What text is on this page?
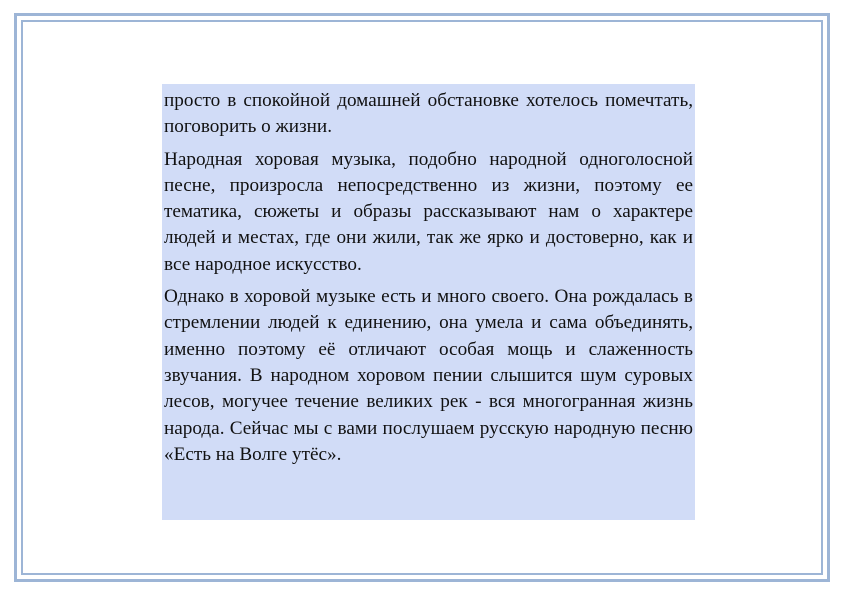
просто в спокойной домашней обстановке хотелось помечтать, поговорить о жизни.

Народная хоровая музыка, подобно народной одноголосной песне, произросла непосредственно из жизни, поэтому ее тематика, сюжеты и образы рассказывают нам о характере людей и местах, где они жили, так же ярко и достоверно, как и все народное искусство.

Однако в хоровой музыке есть и много своего. Она рождалась в стремлении людей к единению, она умела и сама объединять, именно поэтому её отличают особая мощь и слаженность звучания. В народном хоровом пении слышится шум суровых лесов, могучее течение великих рек - вся многогранная жизнь народа. Сейчас мы с вами послушаем русскую народную песню «Есть на Волге утёс».
